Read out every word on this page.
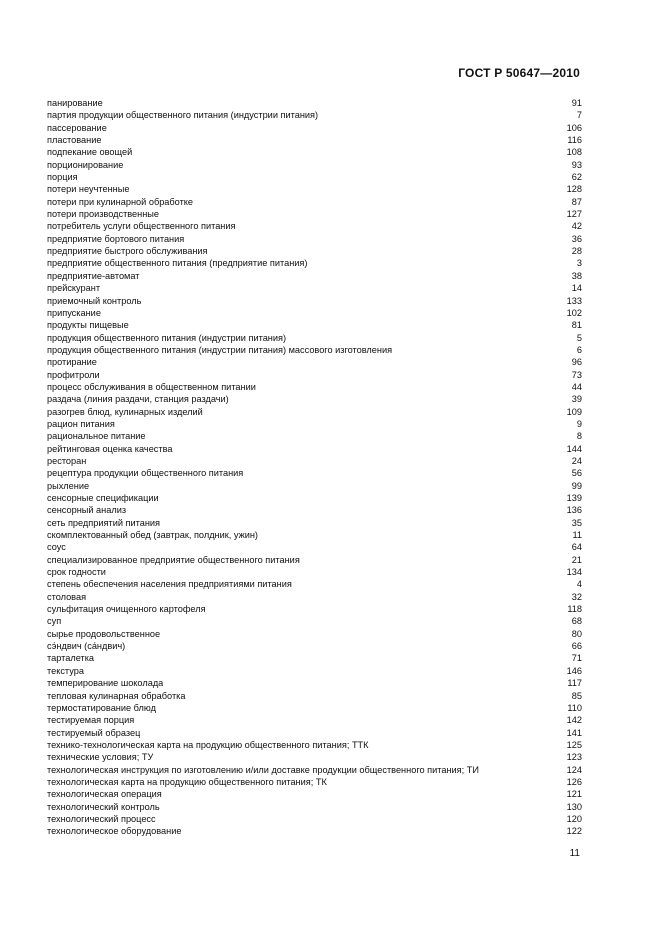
ГОСТ Р 50647—2010
панирование	91
партия продукции общественного питания (индустрии питания)	7
пассерование	106
пластование	116
подпекание овощей	108
порционирование	93
порция	62
потери неучтенные	128
потери при кулинарной обработке	87
потери производственные	127
потребитель услуги общественного питания	42
предприятие бортового питания	36
предприятие быстрого обслуживания	28
предприятие общественного питания (предприятие питания)	3
предприятие-автомат	38
прейскурант	14
приемочный контроль	133
припускание	102
продукты пищевые	81
продукция общественного питания (индустрии питания)	5
продукция общественного питания (индустрии питания) массового изготовления	6
протирание	96
профитроли	73
процесс обслуживания в общественном питании	44
раздача (линия раздачи, станция раздачи)	39
разогрев блюд, кулинарных изделий	109
рацион питания	9
рациональное питание	8
рейтинговая оценка качества	144
ресторан	24
рецептура продукции общественного питания	56
рыхление	99
сенсорные спецификации	139
сенсорный анализ	136
сеть предприятий питания	35
скомплектованный обед (завтрак, полдник, ужин)	11
соус	64
специализированное предприятие общественного питания	21
срок годности	134
степень обеспечения населения предприятиями питания	4
столовая	32
сульфитация очищенного картофеля	118
суп	68
сырье продовольственное	80
сэ́ндвич (са́ндвич)	66
тарталетка	71
текстура	146
темперирование шоколада	117
тепловая кулинарная обработка	85
термостатирование блюд	110
тестируемая порция	142
тестируемый образец	141
технико-технологическая карта на продукцию общественного питания; ТТК	125
технические условия; ТУ	123
технологическая инструкция по изготовлению и/или доставке продукции общественного питания; ТИ	124
технологическая карта на продукцию общественного питания; ТК	126
технологическая операция	121
технологический контроль	130
технологический процесс	120
технологическое оборудование	122
11
